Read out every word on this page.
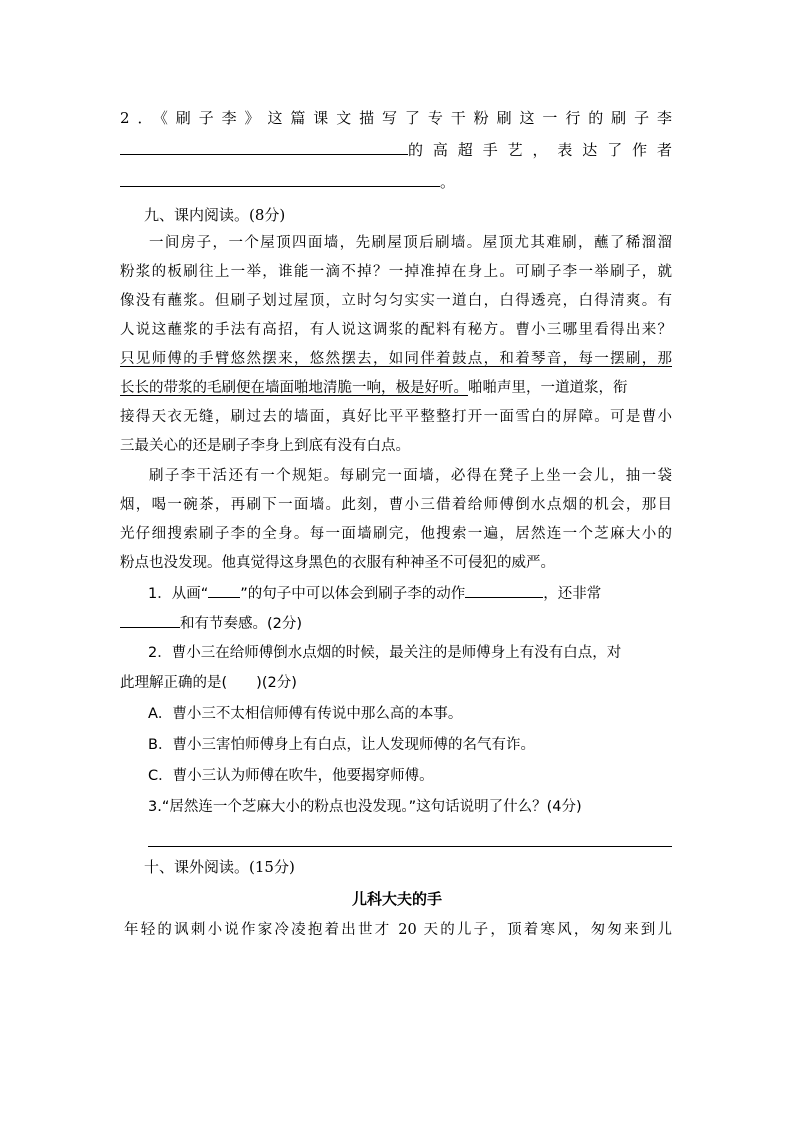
2．《刷子李》这篇课文描写了专干粉刷这一行的刷子李
的高超手艺，表达了作者
。
九、课内阅读。(8分)
一间房子，一个屋顶四面墙，先刷屋顶后刷墙。屋顶尤其难刷，蘸了稀溜溜
粉浆的板刷往上一举，谁能一滴不掉？一掉准掉在身上。可刷子李一举刷子，就
像没有蘸浆。但刷子划过屋顶，立时匀匀实实一道白，白得透亮，白得清爽。有
人说这蘸浆的手法有高招，有人说这调浆的配料有秘方。曹小三哪里看得出来？
只见师傅的手臂悠然摆来，悠然摆去，如同伴着鼓点，和着琴音，每一摆刷，那
长长的带浆的毛刷便在墙面啪地清脆一响，极是好听。啪啪声里，一道道浆，衔
接得天衣无缝，刷过去的墙面，真好比平平整整打开一面雪白的屏障。可是曹小
三最关心的还是刷子李身上到底有没有白点。
刷子李干活还有一个规矩。每刷完一面墙，必得在凳子上坐一会儿，抽一袋
烟，喝一碗茶，再刷下一面墙。此刻，曹小三借着给师傅倒水点烟的机会，那目
光仔细搜索刷子李的全身。每一面墙刷完，他搜索一遍，居然连一个芝麻大小的
粉点也没发现。他真觉得这身黑色的衣服有种神圣不可侵犯的威严。
1．从画“ ”的句子中可以体会到刷子李的动作	，还非常
和有节奏感。(2分)
2．曹小三在给师傅倒水点烟的时候，最关注的是师傅身上有没有白点，对
此理解正确的是(　　)(2分)
A．曹小三不太相信师傅有传说中那么高的本事。
B．曹小三害怕师傅身上有白点，让人发现师傅的名气有诈。
C．曹小三认为师傅在吹牛，他要揭穿师傅。
3.“居然连一个芝麻大小的粉点也没发现。”这句话说明了什么？(4分)
十、课外阅读。(15分)
儿科大夫的手
年轻的讽刺小说作家冷凌抱着出世才 20 天的儿子，顶着寒风，匆匆来到儿
